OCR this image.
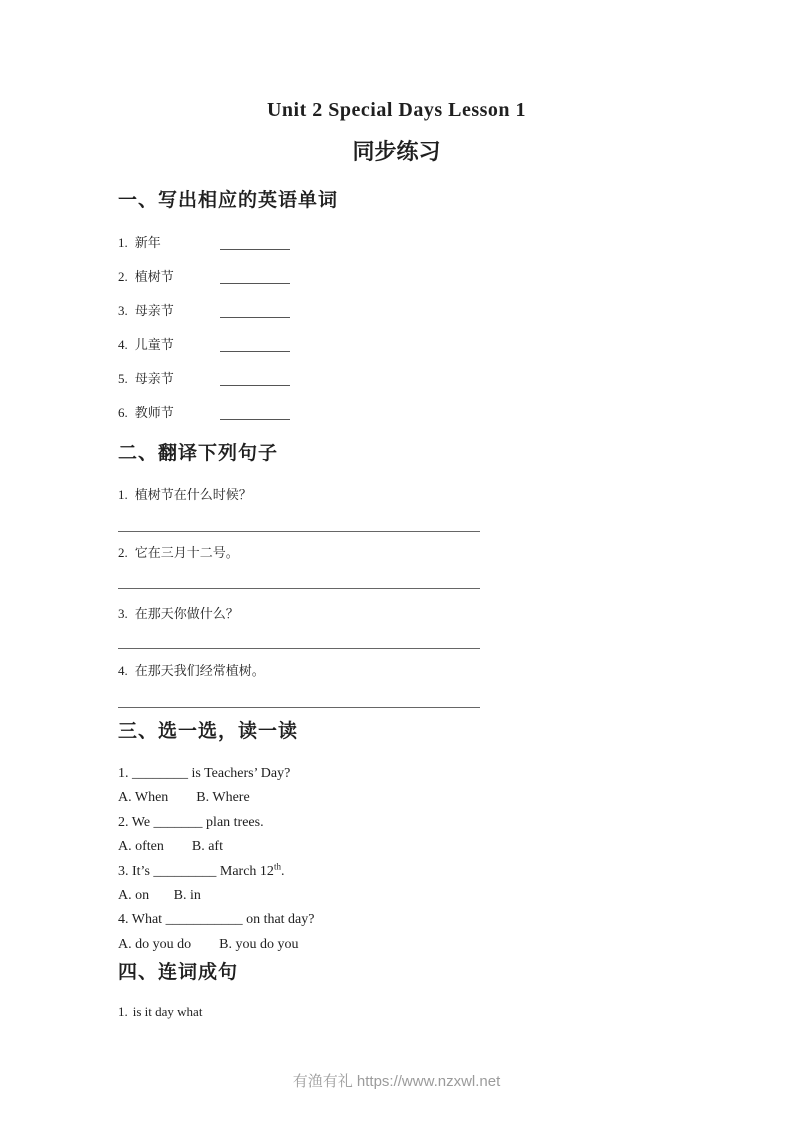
Unit 2 Special Days Lesson 1
同步练习
一、写出相应的英语单词
1. 新年
2. 植树节
3. 母亲节
4. 儿童节
5. 母亲节
6. 教师节
二、翻译下列句子
1. 植树节在什么时候？
2. 它在三月十二号。
3. 在那天你做什么？
4. 在那天我们经常植树。
三、选一选，读一读
1. ________ is Teachers’ Day?
A. When        B. Where
2. We _______ plan trees.
A. often        B. aft
3. It’s _________ March 12th.
A. on       B. in
4. What ___________ on that day?
A. do you do        B. you do you
四、连词成句
1. is it day what
有渔有礼 https://www.nzxwl.net
